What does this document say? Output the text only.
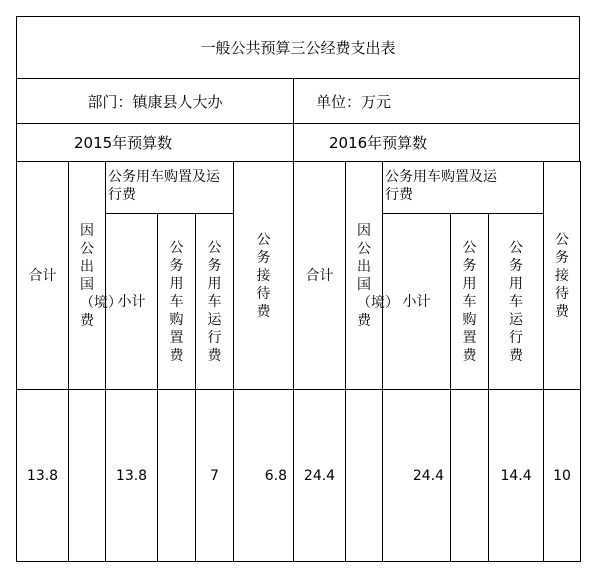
一般公共预算三公经费支出表
部门：镇康县人大办	单位：万元
2015年预算数	2016年预算数
合计	因公出国（境）费	公务用车购置及运行费			公务接待费	合计	因公出国（境）费	公务用车购置及运行费			公务接待费
		小计	公务用车购置费	公务用车运行费				小计	公务用车购置费	公务用车运行费	
13.8		13.8		7	6.8	24.4		24.4		14.4	10
